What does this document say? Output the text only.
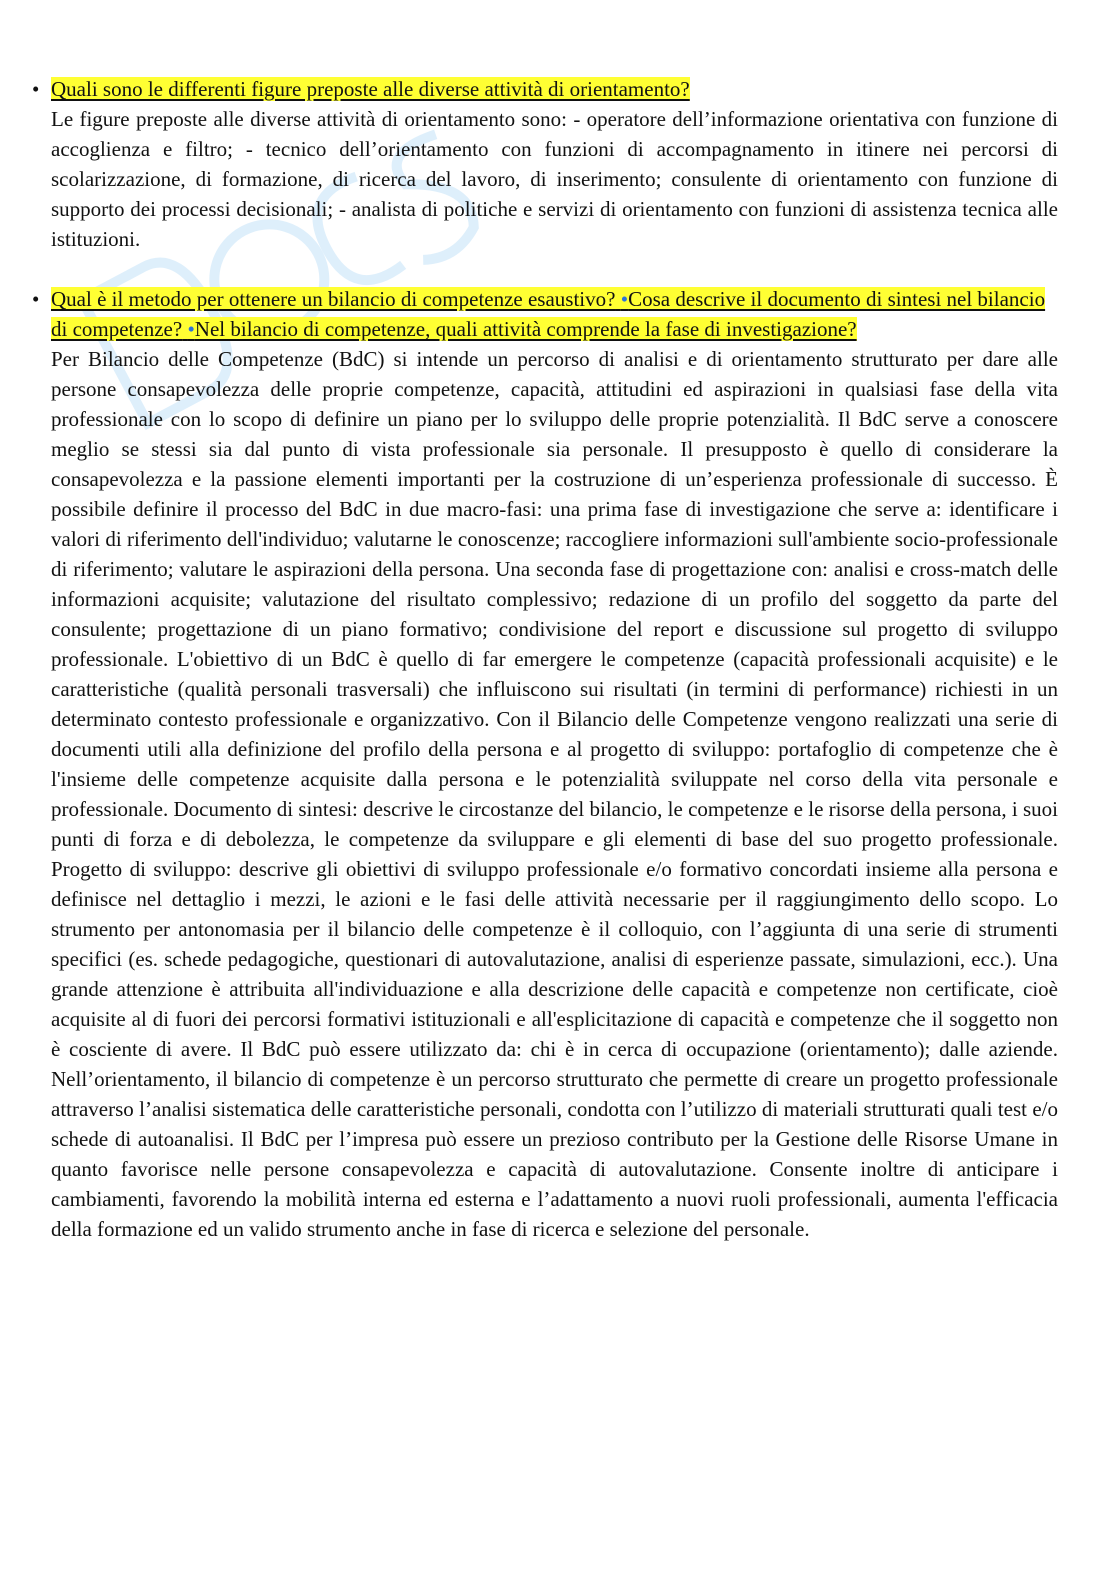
• Quali sono le differenti figure preposte alle diverse attività di orientamento?

Le figure preposte alle diverse attività di orientamento sono: - operatore dell’informazione orientativa con funzione di accoglienza e filtro; - tecnico dell’orientamento con funzioni di accompagnamento in itinere nei percorsi di scolarizzazione, di formazione, di ricerca del lavoro, di inserimento; consulente di orientamento con funzione di supporto dei processi decisionali; - analista di politiche e servizi di orientamento con funzioni di assistenza tecnica alle istituzioni.

• Qual è il metodo per ottenere un bilancio di competenze esaustivo? •Cosa descrive il documento di sintesi nel bilancio di competenze? •Nel bilancio di competenze, quali attività comprende la fase di investigazione?

Per Bilancio delle Competenze (BdC) si intende un percorso di analisi e di orientamento strutturato per dare alle persone consapevolezza delle proprie competenze, capacità, attitudini ed aspirazioni in qualsiasi fase della vita professionale con lo scopo di definire un piano per lo sviluppo delle proprie potenzialità. Il BdC serve a conoscere meglio se stessi sia dal punto di vista professionale sia personale. Il presupposto è quello di considerare la consapevolezza e la passione elementi importanti per la costruzione di un’esperienza professionale di successo. È possibile definire il processo del BdC in due macro-fasi: una prima fase di investigazione che serve a: identificare i valori di riferimento dell'individuo; valutarne le conoscenze; raccogliere informazioni sull'ambiente socio-professionale di riferimento; valutare le aspirazioni della persona. Una seconda fase di progettazione con: analisi e cross-match delle informazioni acquisite; valutazione del risultato complessivo; redazione di un profilo del soggetto da parte del consulente; progettazione di un piano formativo; condivisione del report e discussione sul progetto di sviluppo professionale. L'obiettivo di un BdC è quello di far emergere le competenze (capacità professionali acquisite) e le caratteristiche (qualità personali trasversali) che influiscono sui risultati (in termini di performance) richiesti in un determinato contesto professionale e organizzativo. Con il Bilancio delle Competenze vengono realizzati una serie di documenti utili alla definizione del profilo della persona e al progetto di sviluppo: portafoglio di competenze che è l'insieme delle competenze acquisite dalla persona e le potenzialità sviluppate nel corso della vita personale e professionale. Documento di sintesi: descrive le circostanze del bilancio, le competenze e le risorse della persona, i suoi punti di forza e di debolezza, le competenze da sviluppare e gli elementi di base del suo progetto professionale. Progetto di sviluppo: descrive gli obiettivi di sviluppo professionale e/o formativo concordati insieme alla persona e definisce nel dettaglio i mezzi, le azioni e le fasi delle attività necessarie per il raggiungimento dello scopo. Lo strumento per antonomasia per il bilancio delle competenze è il colloquio, con l’aggiunta di una serie di strumenti specifici (es. schede pedagogiche, questionari di autovalutazione, analisi di esperienze passate, simulazioni, ecc.). Una grande attenzione è attribuita all'individuazione e alla descrizione delle capacità e competenze non certificate, cioè acquisite al di fuori dei percorsi formativi istituzionali e all'esplicitazione di capacità e competenze che il soggetto non è cosciente di avere. Il BdC può essere utilizzato da: chi è in cerca di occupazione (orientamento); dalle aziende. Nell’orientamento, il bilancio di competenze è un percorso strutturato che permette di creare un progetto professionale attraverso l’analisi sistematica delle caratteristiche personali, condotta con l’utilizzo di materiali strutturati quali test e/o schede di autoanalisi. Il BdC per l’impresa può essere un prezioso contributo per la Gestione delle Risorse Umane in quanto favorisce nelle persone consapevolezza e capacità di autovalutazione. Consente inoltre di anticipare i cambiamenti, favorendo la mobilità interna ed esterna e l’adattamento a nuovi ruoli professionali, aumenta l'efficacia della formazione ed un valido strumento anche in fase di ricerca e selezione del personale.
